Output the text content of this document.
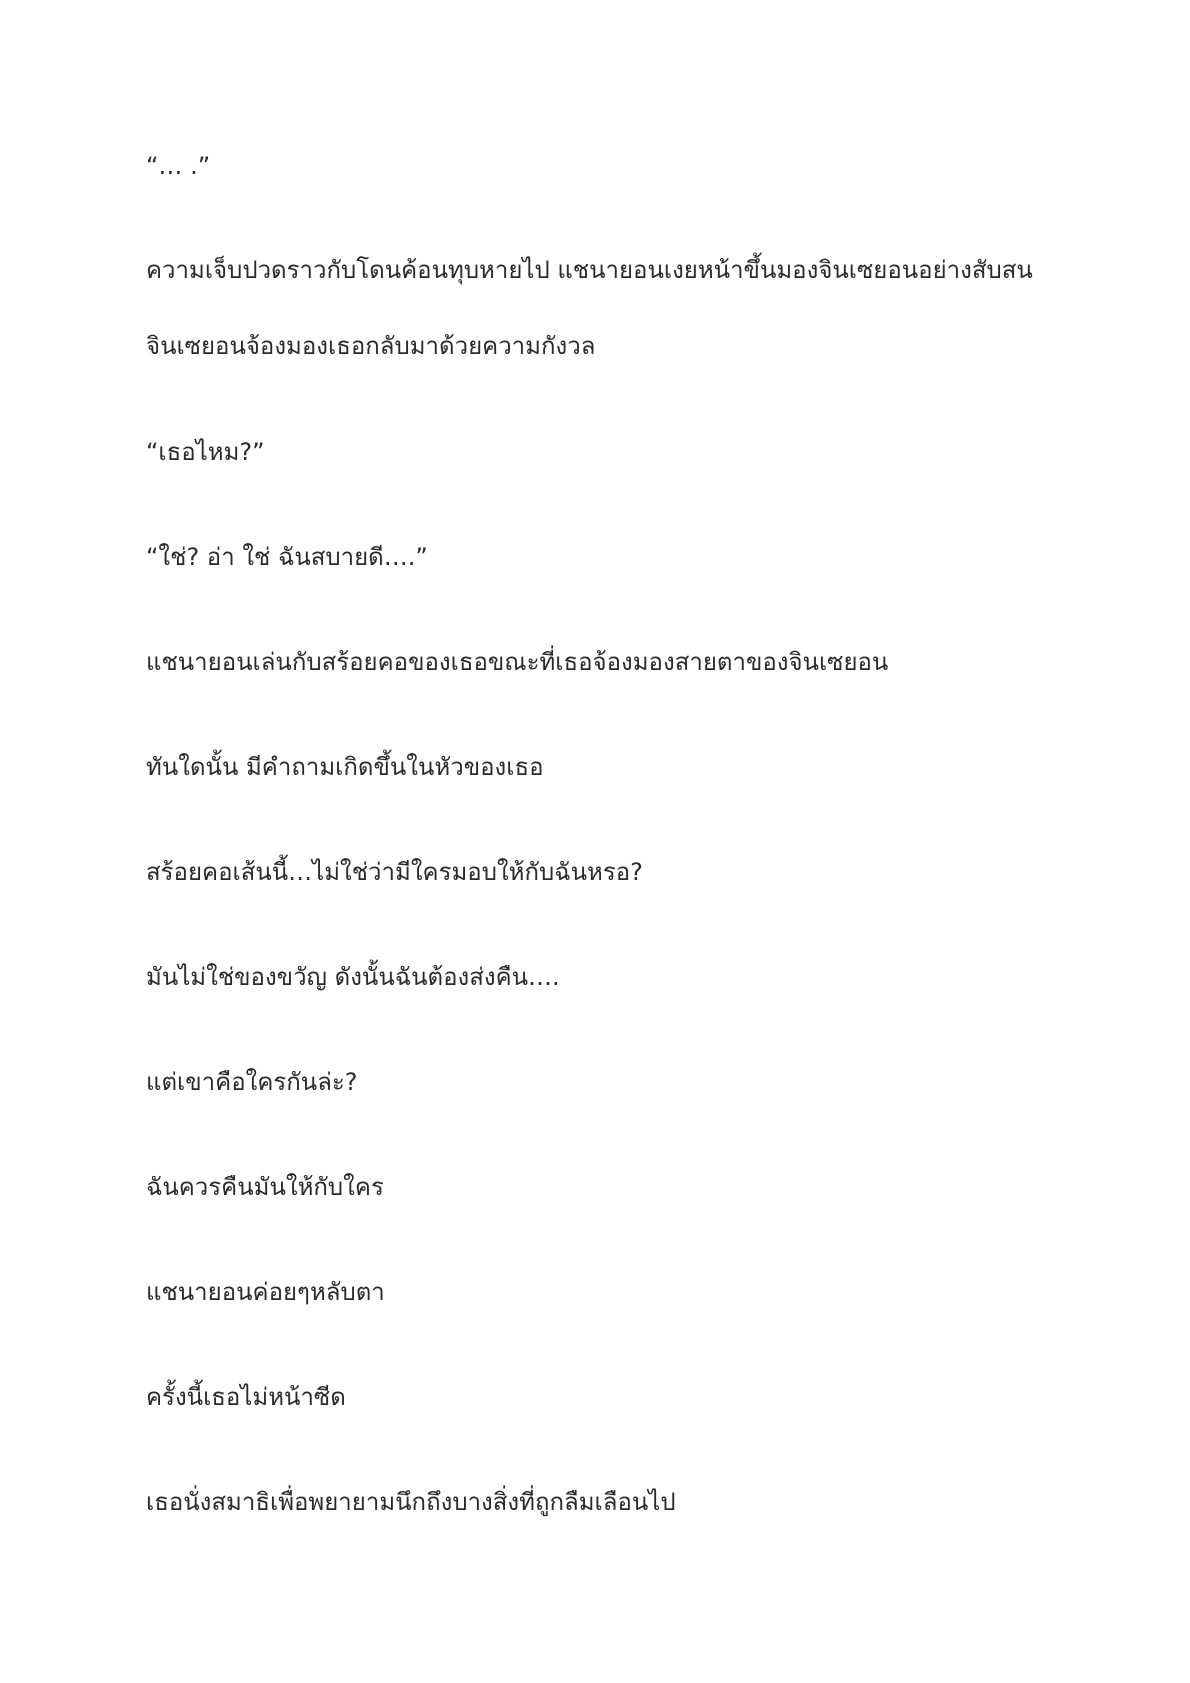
“… .”

ความเจ็บปวดราวกับโดนค้อนทุบหายไป แชนายอนเงยหน้าขึ้นมองจินเซยอนอย่างสับสน

จินเซยอนจ้องมองเธอกลับมาด้วยความกังวล

“เธอไหม?”

“ใช่? อ่า ใช่ ฉันสบายดี….”

แชนายอนเล่นกับสร้อยคอของเธอขณะที่เธอจ้องมองสายตาของจินเซยอน

ทันใดนั้น มีคำถามเกิดขึ้นในหัวของเธอ

สร้อยคอเส้นนี้…ไม่ใช่ว่ามีใครมอบให้กับฉันหรอ?

มันไม่ใช่ของขวัญ ดังนั้นฉันต้องส่งคืน….

แต่เขาคือใครกันล่ะ?

ฉันควรคืนมันให้กับใคร

แชนายอนค่อยๆหลับตา

ครั้งนี้เธอไม่หน้าซีด

เธอนั่งสมาธิเพื่อพยายามนึกถึงบางสิ่งที่ถูกลืมเลือนไป
